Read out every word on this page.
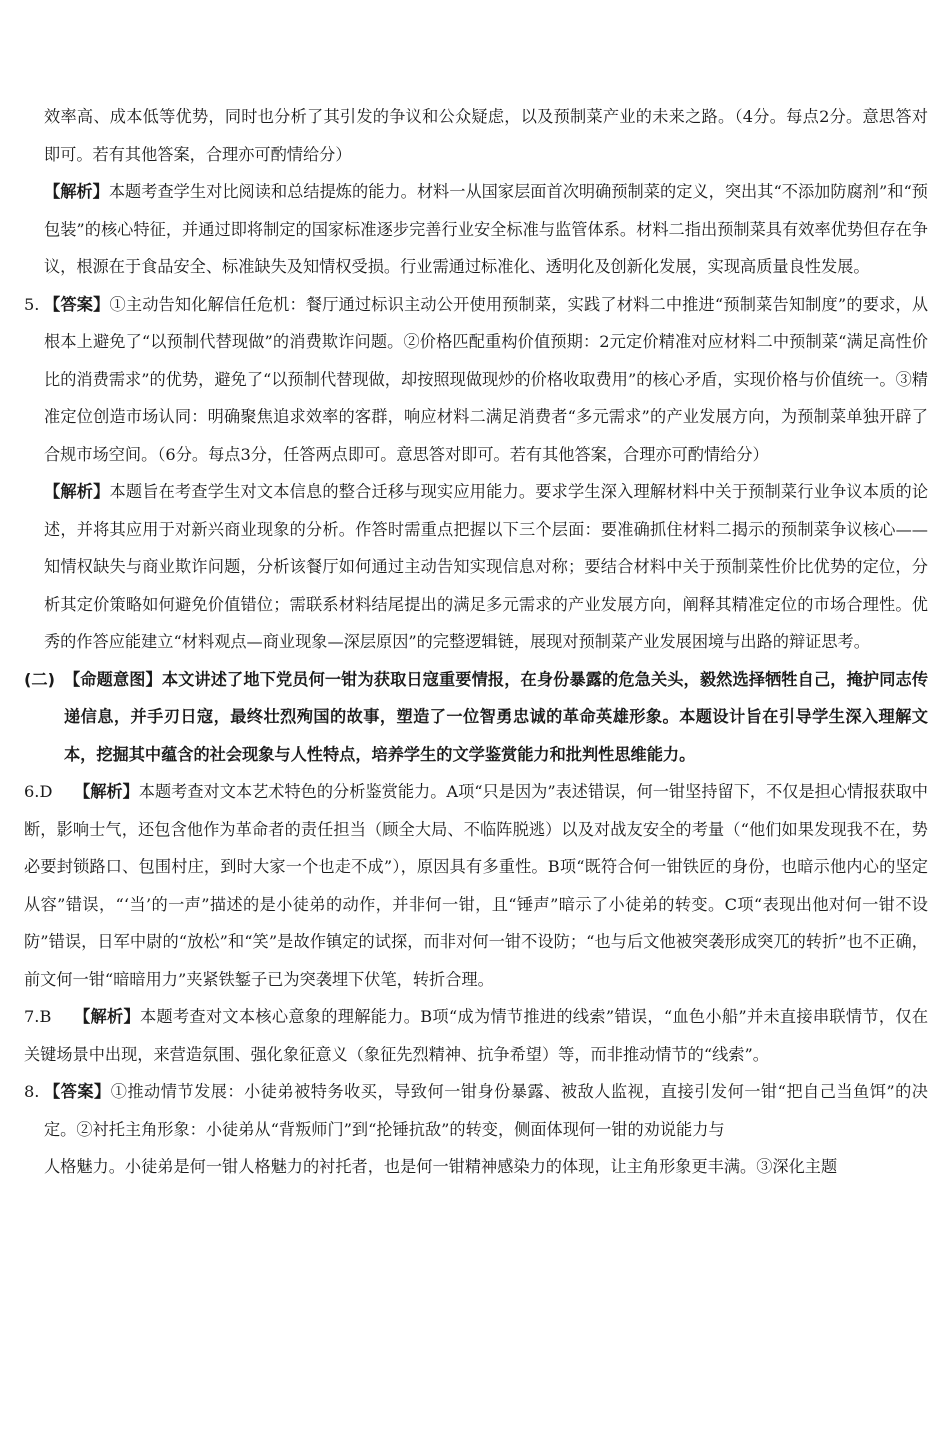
效率高、成本低等优势，同时也分析了其引发的争议和公众疑虑，以及预制菜产业的未来之路。（4分。每点2分。意思答对即可。若有其他答案，合理亦可酌情给分）
【解析】本题考查学生对比阅读和总结提炼的能力。材料一从国家层面首次明确预制菜的定义，突出其“不添加防腐剂”和“预包装”的核心特征，并通过即将制定的国家标准逐步完善行业安全标准与监管体系。材料二指出预制菜具有效率优势但存在争议，根源在于食品安全、标准缺失及知情权受损。行业需通过标准化、透明化及创新化发展，实现高质量良性发展。
5. 【答案】①主动告知化解信任危机：餐厅通过标识主动公开使用预制菜，实践了材料二中推进“预制菜告知制度”的要求，从根本上避免了“以预制代替现做”的消费欺诈问题。②价格匹配重构价值预期：2元定价精准对应材料二中预制菜“满足高性价比的消费需求”的优势，避免了“以预制代替现做，却按照现做现炒的价格收取费用”的核心矛盾，实现价格与价值统一。③精准定位创造市场认同：明确聚焦追求效率的客群，响应材料二满足消费者“多元需求”的产业发展方向，为预制菜单独开辟了合规市场空间。（6分。每点3分，任答两点即可。意思答对即可。若有其他答案，合理亦可酌情给分）
【解析】本题旨在考查学生对文本信息的整合迁移与现实应用能力。要求学生深入理解材料中关于预制菜行业争议本质的论述，并将其应用于对新兴商业现象的分析。作答时需重点把握以下三个层面：要准确抓住材料二揭示的预制菜争议核心——知情权缺失与商业欺诈问题，分析该餐厅如何通过主动告知实现信息对称；要结合材料中关于预制菜性价比优势的定位，分析其定价策略如何避免价值错位；需联系材料结尾提出的满足多元需求的产业发展方向，阐释其精准定位的市场合理性。优秀的作答应能建立“材料观点—商业现象—深层原因”的完整逻辑链，展现对预制菜产业发展困境与出路的辩证思考。
(二) 【命题意图】本文讲述了地下党员何一钳为获取日寇重要情报，在身份暴露的危急关头，毅然选择牺牲自己，掩护同志传递信息，并手刃日寇，最终壮烈殉国的故事，塑造了一位智勇忠诚的革命英雄形象。本题设计旨在引导学生深入理解文本，挖掘其中蕴含的社会现象与人性特点，培养学生的文学鉴赏能力和批判性思维能力。
6.D	【解析】本题考查对文本艺术特色的分析鉴赏能力。A项“只是因为”表述错误，何一钳坚持留下，不仅是担心情报获取中断，影响士气，还包含他作为革命者的责任担当（顾全大局、不临阵脱逃）以及对战友安全的考量（“他们如果发现我不在，势必要封锁路口、包围村庄，到时大家一个也走不成”），原因具有多重性。B项“既符合何一钳铁匠的身份，也暗示他内心的坚定从容”错误，“‘当’的一声”描述的是小徒弟的动作，并非何一钳，且“锤声”暗示了小徒弟的转变。C项“表现出他对何一钳不设防”错误，日军中尉的“放松”和“笑”是故作镇定的试探，而非对何一钳不设防；“也与后文他被突袭形成突兀的转折”也不正确，前文何一钳“暗暗用力”夹紧铁錾子已为突袭埋下伏笔，转折合理。
7.B	【解析】本题考查对文本核心意象的理解能力。B项“成为情节推进的线索”错误，“血色小船”并未直接串联情节，仅在关键场景中出现，来营造氛围、强化象征意义（象征先烈精神、抗争希望）等，而非推动情节的“线索”。
8. 【答案】①推动情节发展：小徒弟被特务收买，导致何一钳身份暴露、被敌人监视，直接引发何一钳“把自己当鱼饵”的决定。②衬托主角形象：小徒弟从“背叛师门”到“抡锤抗敌”的转变，侧面体现何一钳的劝说能力与
人格魅力。小徒弟是何一钳人格魅力的衬托者，也是何一钳精神感染力的体现，让主角形象更丰满。③深化主题
